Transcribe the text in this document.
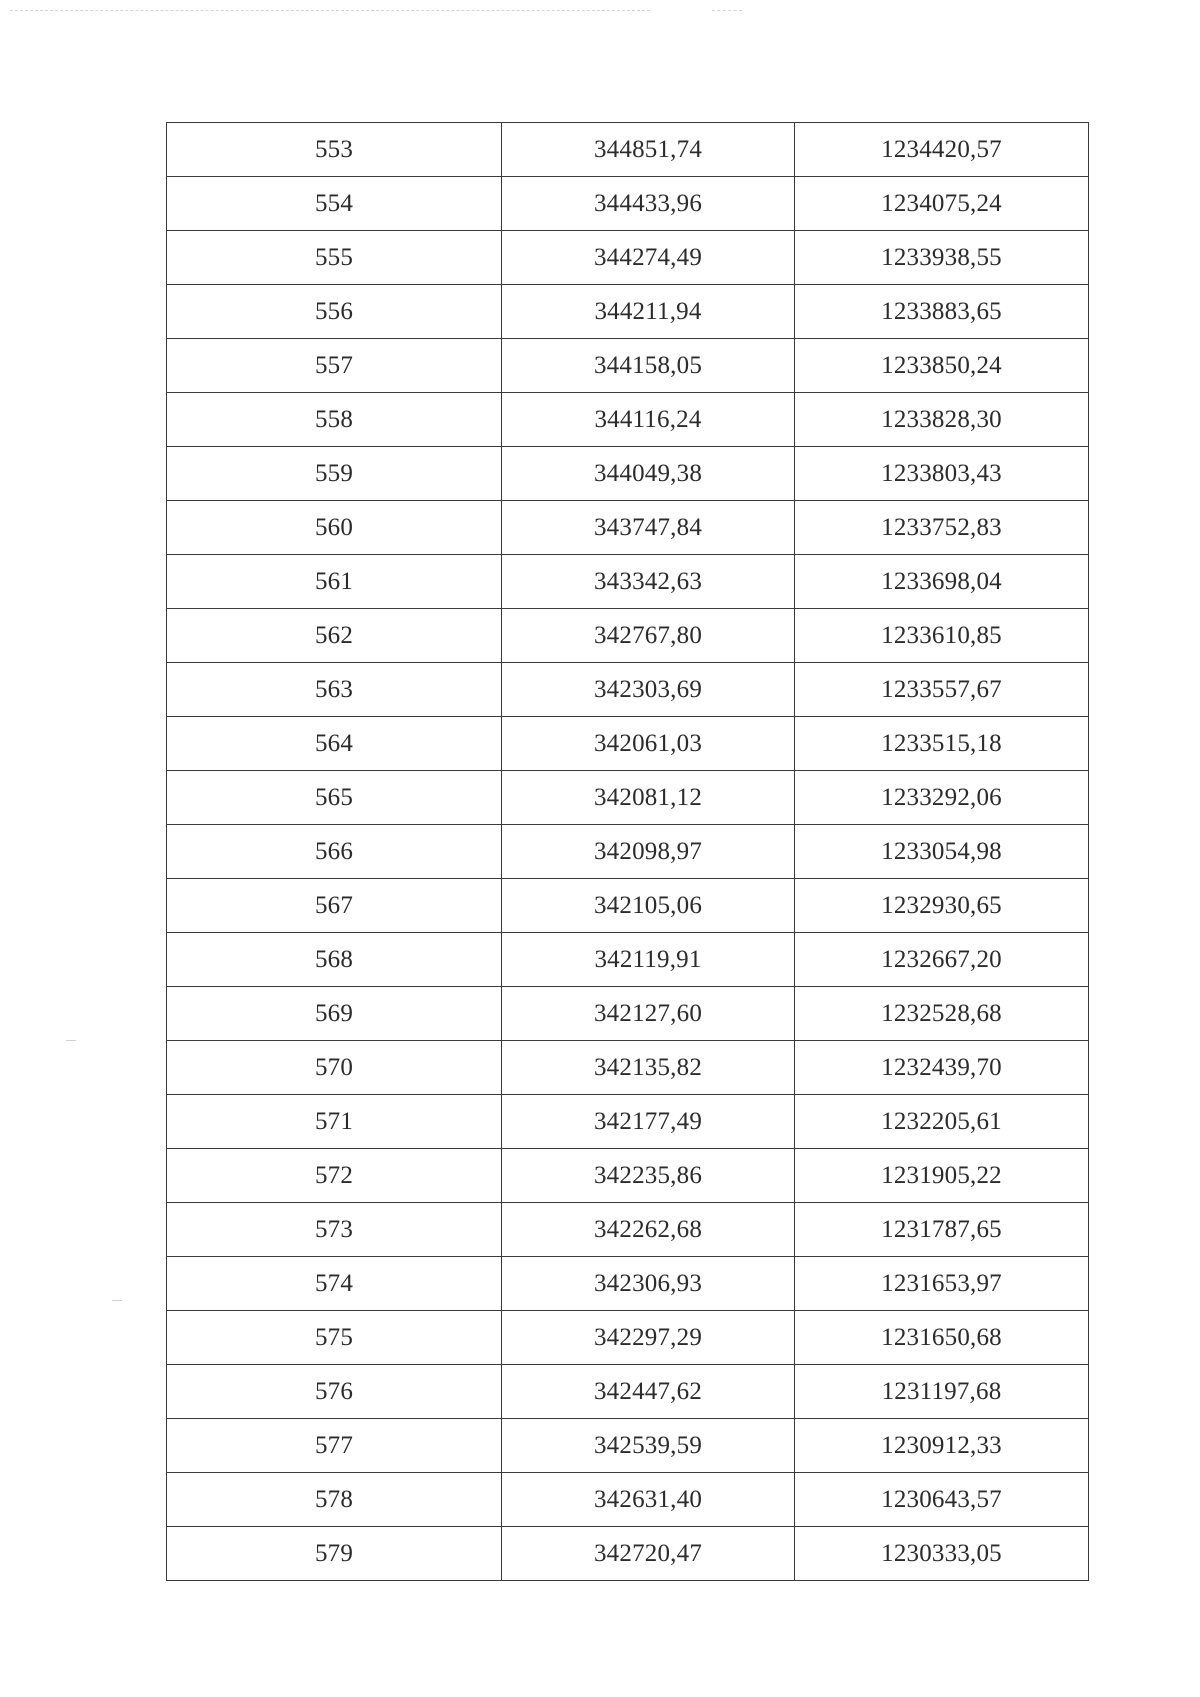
553	344851,74	1234420,57
554	344433,96	1234075,24
555	344274,49	1233938,55
556	344211,94	1233883,65
557	344158,05	1233850,24
558	344116,24	1233828,30
559	344049,38	1233803,43
560	343747,84	1233752,83
561	343342,63	1233698,04
562	342767,80	1233610,85
563	342303,69	1233557,67
564	342061,03	1233515,18
565	342081,12	1233292,06
566	342098,97	1233054,98
567	342105,06	1232930,65
568	342119,91	1232667,20
569	342127,60	1232528,68
570	342135,82	1232439,70
571	342177,49	1232205,61
572	342235,86	1231905,22
573	342262,68	1231787,65
574	342306,93	1231653,97
575	342297,29	1231650,68
576	342447,62	1231197,68
577	342539,59	1230912,33
578	342631,40	1230643,57
579	342720,47	1230333,05
